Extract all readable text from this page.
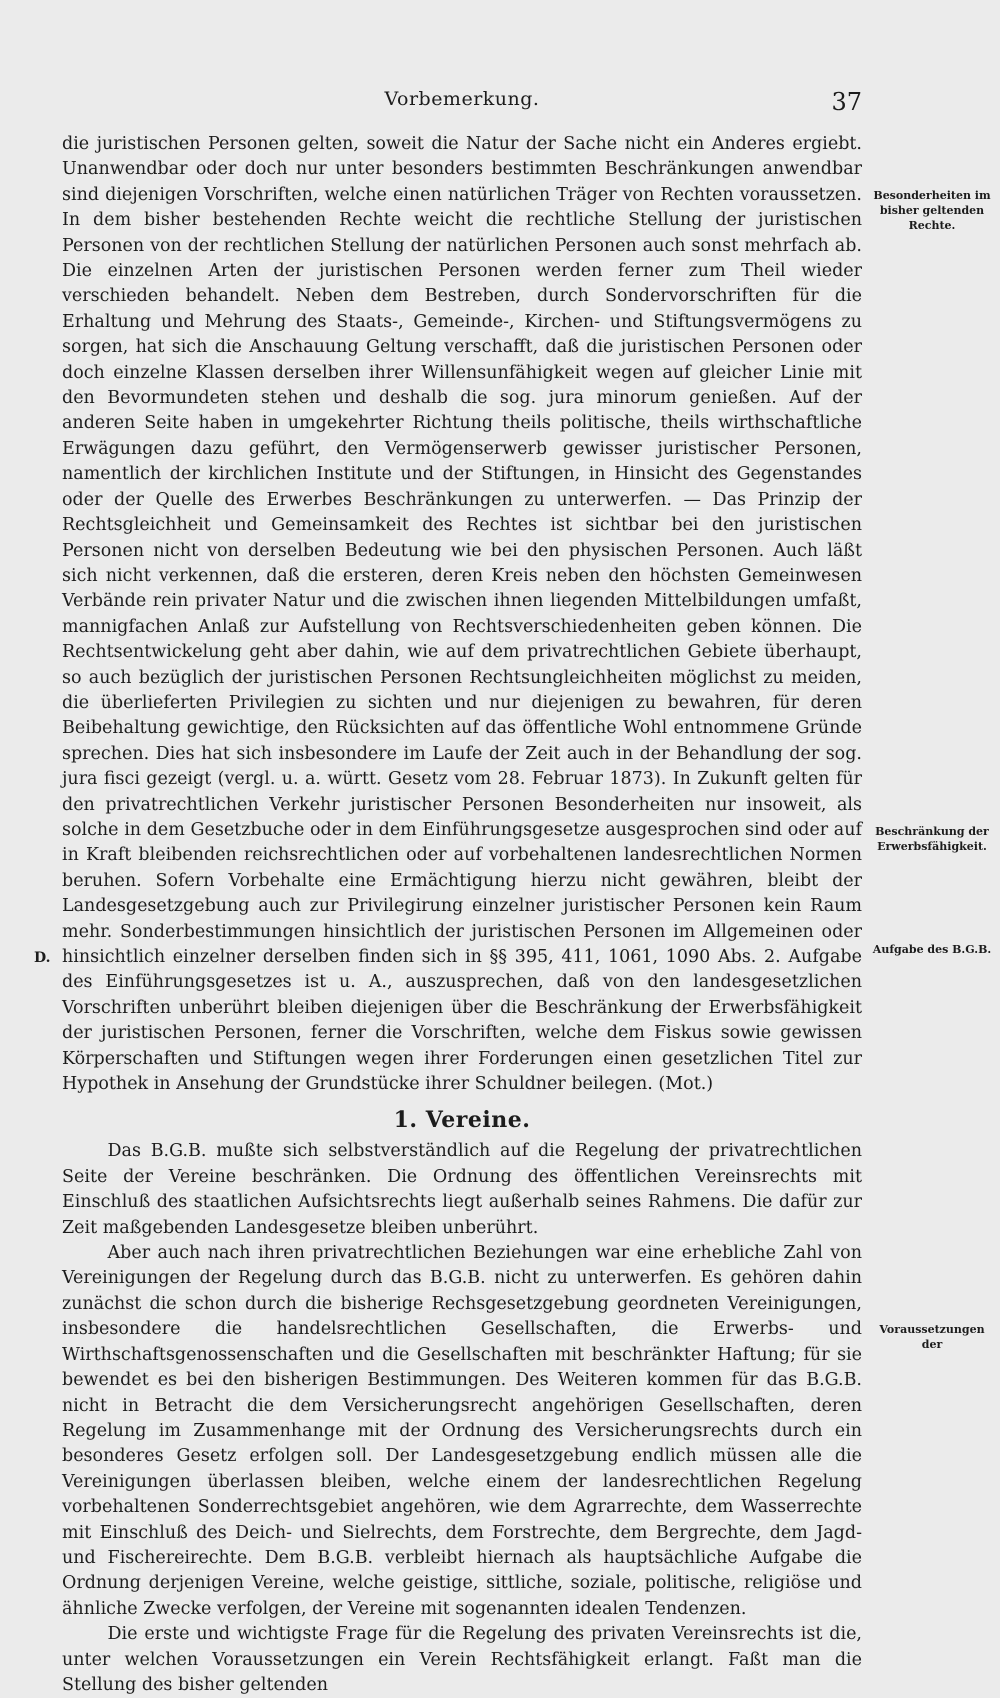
Vorbemerkung.	37
Besonderheiten im bisher geltenden Rechte.
Beschränkung der Erwerbsfähigkeit.
Aufgabe des B.G.B.
Voraussetzungen der
D.

die juristischen Personen gelten, soweit die Natur der Sache nicht ein Anderes ergiebt. Unanwendbar oder doch nur unter besonders bestimmten Beschränkungen anwendbar sind diejenigen Vorschriften, welche einen natürlichen Träger von Rechten voraussetzen. In dem bisher bestehenden Rechte weicht die rechtliche Stellung der juristischen Personen von der rechtlichen Stellung der natürlichen Personen auch sonst mehrfach ab. Die einzelnen Arten der juristischen Personen werden ferner zum Theil wieder verschieden behandelt. Neben dem Bestreben, durch Sondervorschriften für die Erhaltung und Mehrung des Staats-, Gemeinde-, Kirchen- und Stiftungsvermögens zu sorgen, hat sich die Anschauung Geltung verschafft, daß die juristischen Personen oder doch einzelne Klassen derselben ihrer Willensunfähigkeit wegen auf gleicher Linie mit den Bevormundeten stehen und deshalb die sog. jura minorum genießen. Auf der anderen Seite haben in umgekehrter Richtung theils politische, theils wirthschaftliche Erwägungen dazu geführt, den Vermögenserwerb gewisser juristischer Personen, namentlich der kirchlichen Institute und der Stiftungen, in Hinsicht des Gegenstandes oder der Quelle des Erwerbes Beschränkungen zu unterwerfen. — Das Prinzip der Rechtsgleichheit und Gemeinsamkeit des Rechtes ist sichtbar bei den juristischen Personen nicht von derselben Bedeutung wie bei den physischen Personen. Auch läßt sich nicht verkennen, daß die ersteren, deren Kreis neben den höchsten Gemeinwesen Verbände rein privater Natur und die zwischen ihnen liegenden Mittelbildungen umfaßt, mannigfachen Anlaß zur Aufstellung von Rechtsverschiedenheiten geben können. Die Rechtsentwickelung geht aber dahin, wie auf dem privatrechtlichen Gebiete überhaupt, so auch bezüglich der juristischen Personen Rechtsungleichheiten möglichst zu meiden, die überlieferten Privilegien zu sichten und nur diejenigen zu bewahren, für deren Beibehaltung gewichtige, den Rücksichten auf das öffentliche Wohl entnommene Gründe sprechen. Dies hat sich insbesondere im Laufe der Zeit auch in der Behandlung der sog. jura fisci gezeigt (vergl. u. a. württ. Gesetz vom 28. Februar 1873). In Zukunft gelten für den privatrechtlichen Verkehr juristischer Personen Besonderheiten nur insoweit, als solche in dem Gesetzbuche oder in dem Einführungsgesetze ausgesprochen sind oder auf in Kraft bleibenden reichsrechtlichen oder auf vorbehaltenen landesrechtlichen Normen beruhen. Sofern Vorbehalte eine Ermächtigung hierzu nicht gewähren, bleibt der Landesgesetzgebung auch zur Privilegirung einzelner juristischer Personen kein Raum mehr. Sonderbestimmungen hinsichtlich der juristischen Personen im Allgemeinen oder hinsichtlich einzelner derselben finden sich in §§ 395, 411, 1061, 1090 Abs. 2. Aufgabe des Einführungsgesetzes ist u. A., auszusprechen, daß von den landesgesetzlichen Vorschriften unberührt bleiben diejenigen über die Beschränkung der Erwerbsfähigkeit der juristischen Personen, ferner die Vorschriften, welche dem Fiskus sowie gewissen Körperschaften und Stiftungen wegen ihrer Forderungen einen gesetzlichen Titel zur Hypothek in Ansehung der Grundstücke ihrer Schuldner beilegen. (Mot.)

1. Vereine.

Das B.G.B. mußte sich selbstverständlich auf die Regelung der privatrechtlichen Seite der Vereine beschränken. Die Ordnung des öffentlichen Vereinsrechts mit Einschluß des staatlichen Aufsichtsrechts liegt außerhalb seines Rahmens. Die dafür zur Zeit maßgebenden Landesgesetze bleiben unberührt.

Aber auch nach ihren privatrechtlichen Beziehungen war eine erhebliche Zahl von Vereinigungen der Regelung durch das B.G.B. nicht zu unterwerfen. Es gehören dahin zunächst die schon durch die bisherige Rechsgesetzgebung geordneten Vereinigungen, insbesondere die handelsrechtlichen Gesellschaften, die Erwerbs- und Wirthschaftsgenossenschaften und die Gesellschaften mit beschränkter Haftung; für sie bewendet es bei den bisherigen Bestimmungen. Des Weiteren kommen für das B.G.B. nicht in Betracht die dem Versicherungsrecht angehörigen Gesellschaften, deren Regelung im Zusammenhange mit der Ordnung des Versicherungsrechts durch ein besonderes Gesetz erfolgen soll. Der Landesgesetzgebung endlich müssen alle die Vereinigungen überlassen bleiben, welche einem der landesrechtlichen Regelung vorbehaltenen Sonderrechtsgebiet angehören, wie dem Agrarrechte, dem Wasserrechte mit Einschluß des Deich- und Sielrechts, dem Forstrechte, dem Bergrechte, dem Jagd- und Fischereirechte. Dem B.G.B. verbleibt hiernach als hauptsächliche Aufgabe die Ordnung derjenigen Vereine, welche geistige, sittliche, soziale, politische, religiöse und ähnliche Zwecke verfolgen, der Vereine mit sogenannten idealen Tendenzen.

Die erste und wichtigste Frage für die Regelung des privaten Vereinsrechts ist die, unter welchen Voraussetzungen ein Verein Rechtsfähigkeit erlangt. Faßt man die Stellung des bisher geltenden
